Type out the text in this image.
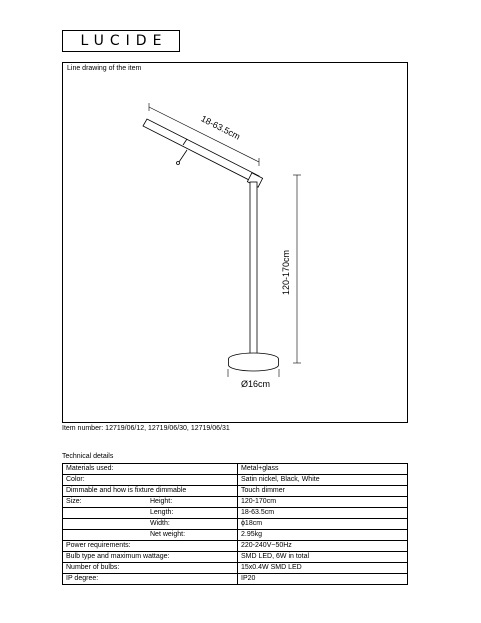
LUCIDE
Line drawing of the item
18-63.5cm
120-170cm
Ø16cm
Item number: 12719/06/12, 12719/06/30, 12719/06/31
Technical details
Materials used:	Metal+glass
Color:	Satin nickel, Black, White
Dimmable and how is fixture dimmable	Touch dimmer
Size: Height:	120-170cm
Length:	18-63.5cm
Width:	ϕ18cm
Net weight:	2.95kg
Power requirements:	220-240V~50Hz
Bulb type and maximum wattage:	SMD LED, 6W in total
Number of bulbs:	15x0.4W SMD LED
IP degree:	IP20
